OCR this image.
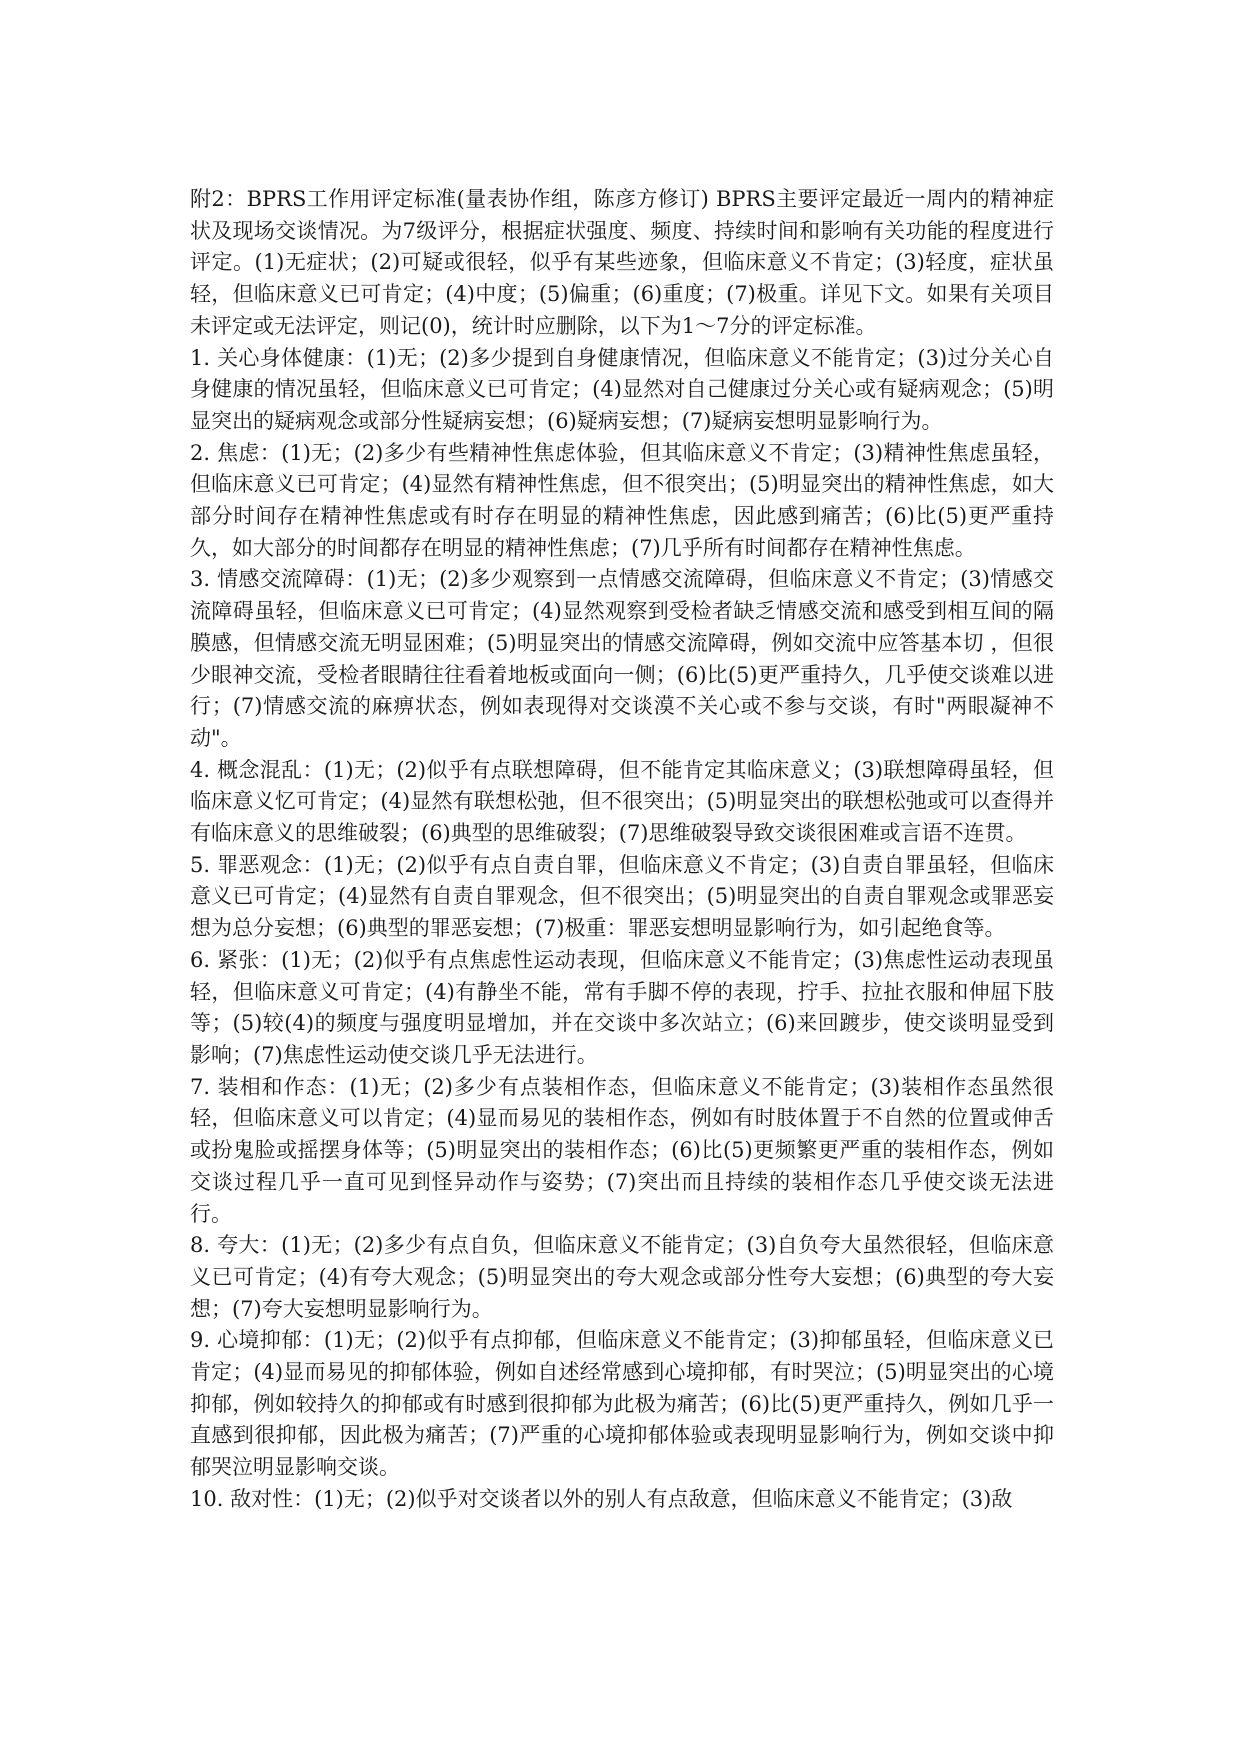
附2：BPRS工作用评定标准(量表协作组，陈彦方修订) BPRS主要评定最近一周内的精神症状及现场交谈情况。为7级评分，根据症状强度、频度、持续时间和影响有关功能的程度进行评定。(1)无症状；(2)可疑或很轻，似乎有某些迹象，但临床意义不肯定；(3)轻度，症状虽轻，但临床意义已可肯定；(4)中度；(5)偏重；(6)重度；(7)极重。详见下文。如果有关项目未评定或无法评定，则记(0)，统计时应删除，以下为1～7分的评定标准。

1. 关心身体健康：(1)无；(2)多少提到自身健康情况，但临床意义不能肯定；(3)过分关心自身健康的情况虽轻，但临床意义已可肯定；(4)显然对自己健康过分关心或有疑病观念；(5)明显突出的疑病观念或部分性疑病妄想；(6)疑病妄想；(7)疑病妄想明显影响行为。

2. 焦虑：(1)无；(2)多少有些精神性焦虑体验，但其临床意义不肯定；(3)精神性焦虑虽轻，但临床意义已可肯定；(4)显然有精神性焦虑，但不很突出；(5)明显突出的精神性焦虑，如大部分时间存在精神性焦虑或有时存在明显的精神性焦虑，因此感到痛苦；(6)比(5)更严重持久，如大部分的时间都存在明显的精神性焦虑；(7)几乎所有时间都存在精神性焦虑。

3. 情感交流障碍：(1)无；(2)多少观察到一点情感交流障碍，但临床意义不肯定；(3)情感交流障碍虽轻，但临床意义已可肯定；(4)显然观察到受检者缺乏情感交流和感受到相互间的隔膜感，但情感交流无明显困难；(5)明显突出的情感交流障碍，例如交流中应答基本切 ，但很少眼神交流，受检者眼睛往往看着地板或面向一侧；(6)比(5)更严重持久，几乎使交谈难以进行；(7)情感交流的麻痹状态，例如表现得对交谈漠不关心或不参与交谈，有时"两眼凝神不动"。

4. 概念混乱：(1)无；(2)似乎有点联想障碍，但不能肯定其临床意义；(3)联想障碍虽轻，但临床意义忆可肯定；(4)显然有联想松弛，但不很突出；(5)明显突出的联想松弛或可以查得并有临床意义的思维破裂；(6)典型的思维破裂；(7)思维破裂导致交谈很困难或言语不连贯。

5. 罪恶观念：(1)无；(2)似乎有点自责自罪，但临床意义不肯定；(3)自责自罪虽轻，但临床意义已可肯定；(4)显然有自责自罪观念，但不很突出；(5)明显突出的自责自罪观念或罪恶妄想为总分妄想；(6)典型的罪恶妄想；(7)极重：罪恶妄想明显影响行为，如引起绝食等。

6. 紧张：(1)无；(2)似乎有点焦虑性运动表现，但临床意义不能肯定；(3)焦虑性运动表现虽轻，但临床意义可肯定；(4)有静坐不能，常有手脚不停的表现，拧手、拉扯衣服和伸屈下肢等；(5)较(4)的频度与强度明显增加，并在交谈中多次站立；(6)来回踱步，使交谈明显受到影响；(7)焦虑性运动使交谈几乎无法进行。

7. 装相和作态：(1)无；(2)多少有点装相作态，但临床意义不能肯定；(3)装相作态虽然很轻，但临床意义可以肯定；(4)显而易见的装相作态，例如有时肢体置于不自然的位置或伸舌或扮鬼脸或摇摆身体等；(5)明显突出的装相作态；(6)比(5)更频繁更严重的装相作态，例如交谈过程几乎一直可见到怪异动作与姿势；(7)突出而且持续的装相作态几乎使交谈无法进行。

8. 夸大：(1)无；(2)多少有点自负，但临床意义不能肯定；(3)自负夸大虽然很轻，但临床意义已可肯定；(4)有夸大观念；(5)明显突出的夸大观念或部分性夸大妄想；(6)典型的夸大妄想；(7)夸大妄想明显影响行为。

9. 心境抑郁：(1)无；(2)似乎有点抑郁，但临床意义不能肯定；(3)抑郁虽轻，但临床意义已肯定；(4)显而易见的抑郁体验，例如自述经常感到心境抑郁，有时哭泣；(5)明显突出的心境抑郁，例如较持久的抑郁或有时感到很抑郁为此极为痛苦；(6)比(5)更严重持久，例如几乎一直感到很抑郁，因此极为痛苦；(7)严重的心境抑郁体验或表现明显影响行为，例如交谈中抑郁哭泣明显影响交谈。

10. 敌对性：(1)无；(2)似乎对交谈者以外的别人有点敌意，但临床意义不能肯定；(3)敌
